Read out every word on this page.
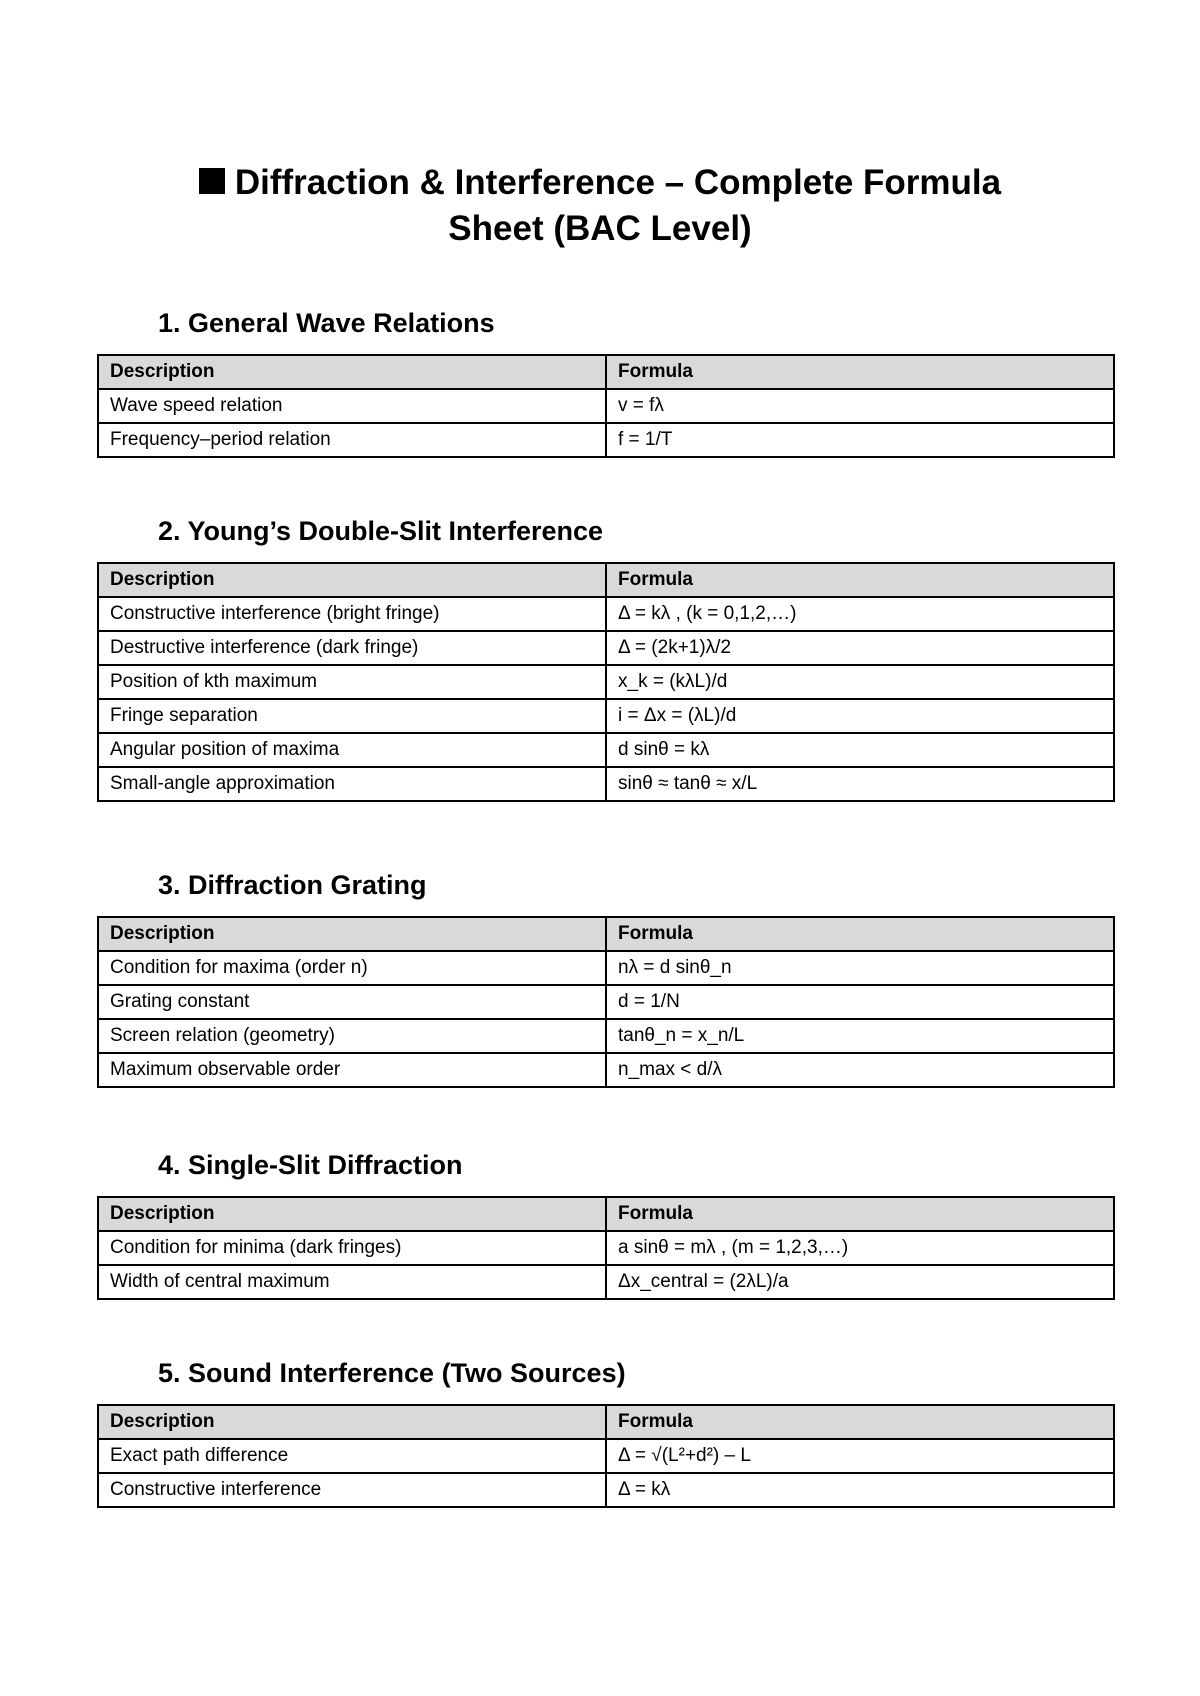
Diffraction & Interference – Complete Formula
Sheet (BAC Level)
1. General Wave Relations
Description	Formula
Wave speed relation	v = fλ
Frequency–period relation	f = 1/T
2. Young’s Double-Slit Interference
Description	Formula
Constructive interference (bright fringe)	Δ = kλ , (k = 0,1,2,…)
Destructive interference (dark fringe)	Δ = (2k+1)λ/2
Position of kth maximum	x_k = (kλL)/d
Fringe separation	i = Δx = (λL)/d
Angular position of maxima	d sinθ = kλ
Small-angle approximation	sinθ ≈ tanθ ≈ x/L
3. Diffraction Grating
Description	Formula
Condition for maxima (order n)	nλ = d sinθ_n
Grating constant	d = 1/N
Screen relation (geometry)	tanθ_n = x_n/L
Maximum observable order	n_max < d/λ
4. Single-Slit Diffraction
Description	Formula
Condition for minima (dark fringes)	a sinθ = mλ , (m = 1,2,3,…)
Width of central maximum	Δx_central = (2λL)/a
5. Sound Interference (Two Sources)
Description	Formula
Exact path difference	Δ = √(L²+d²) – L
Constructive interference	Δ = kλ
